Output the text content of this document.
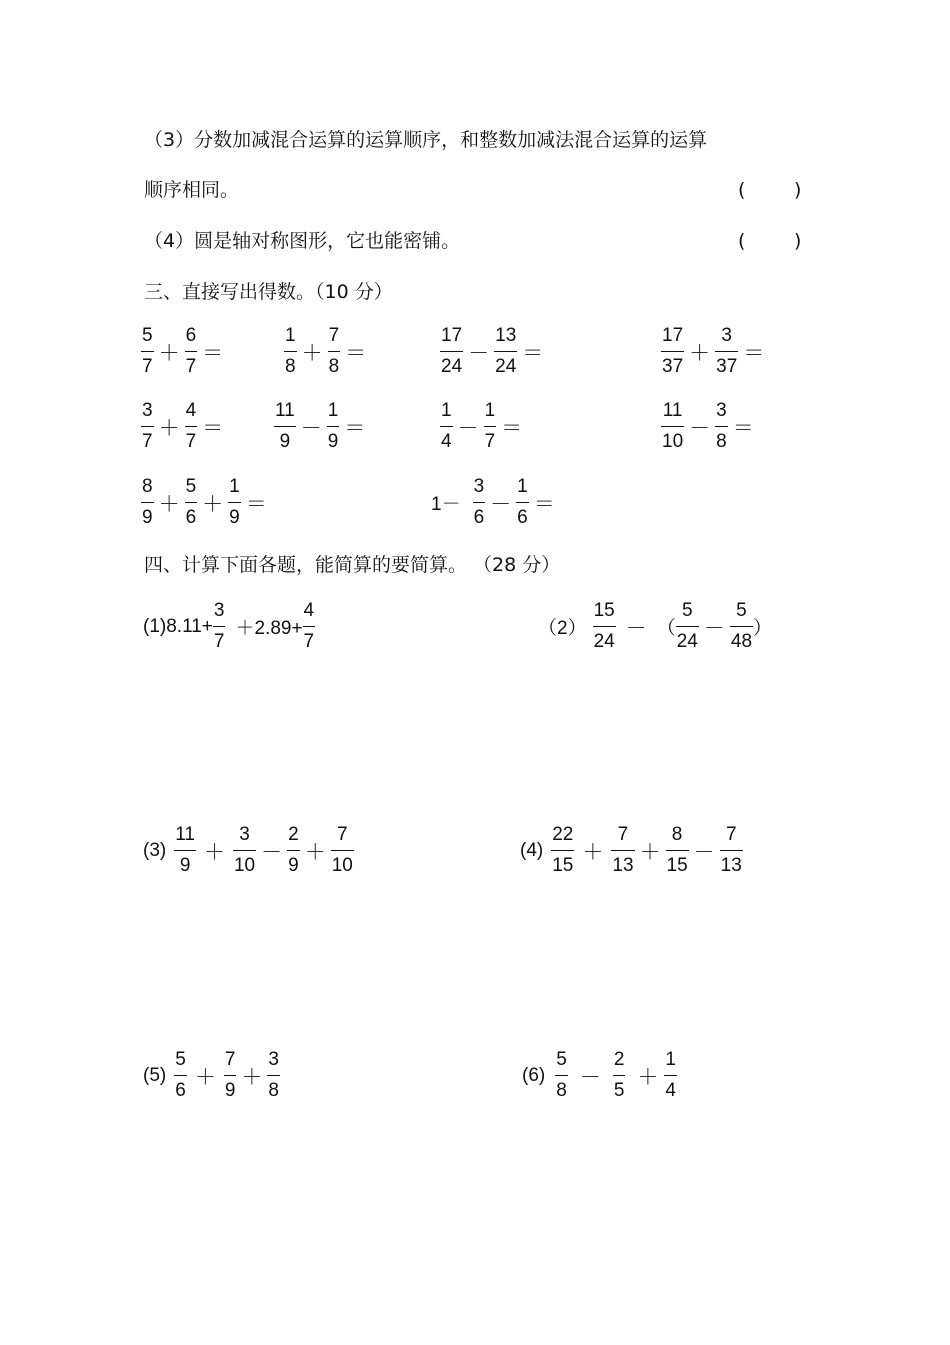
（3）分数加减混合运算的运算顺序，和整数加减法混合运算的运算
顺序相同。	(	)
（4）圆是轴对称图形，它也能密铺。	(	)
三、直接写出得数。（10 分）
$\frac{5}{7} + \frac{6}{7}$ ＝	$\frac{1}{8} + \frac{7}{8}$ ＝	$\frac{17}{24} - \frac{13}{24}$ ＝	$\frac{17}{37} + \frac{3}{37}$ ＝
$\frac{3}{7} + \frac{4}{7}$ ＝	$\frac{11}{9} - \frac{1}{9}$ ＝	$\frac{1}{4} - \frac{1}{7}$ ＝	$\frac{11}{10} - \frac{3}{8}$ ＝
$\frac{8}{9} + \frac{5}{6} + \frac{1}{9}$ ＝	$1- \frac{3}{6} - \frac{1}{6}$ ＝
四、计算下面各题，能简算的要简算。 （28 分）
$(1)8.11+ \frac{3}{7} +2.89+ \frac{4}{7}$	$(2) \frac{15}{24}$ － （ $\frac{5}{24} - \frac{5}{48}$ ）
$(3) \frac{11}{9} + \frac{3}{10} - \frac{2}{9} + \frac{7}{10}$	$(4) \frac{22}{15} + \frac{7}{13} + \frac{8}{15} - \frac{7}{13}$
$(5) \frac{5}{6} + \frac{7}{9} + \frac{3}{8}$	$(6) \frac{5}{8} - \frac{2}{5} + \frac{1}{4}$
